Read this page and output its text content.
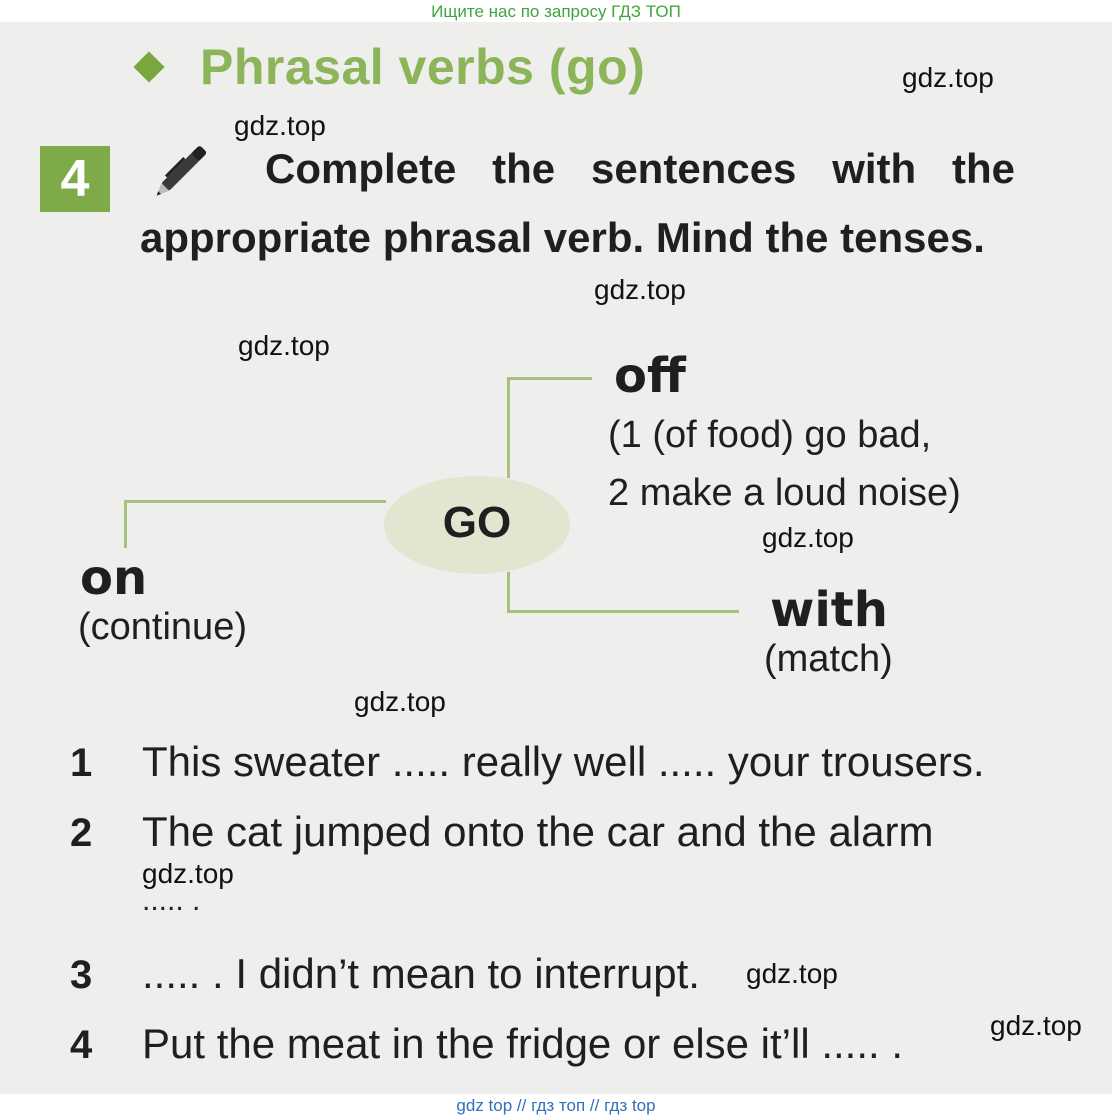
Ищите нас по запросу ГДЗ ТОП
Phrasal verbs (go)
4	Complete the sentences with the
appropriate phrasal verb. Mind the tenses.
GO
off
(1 (of food) go bad,
2 make a loud noise)
on
(continue)	with
(match)
1 This sweater ..... really well ..... your trousers.
2 The cat jumped onto the car and the alarm
..... .
3 ..... . I didn’t mean to interrupt.
4 Put the meat in the fridge or else it’ll ..... .
gdz.top
gdz.top
gdz.top
gdz.top
gdz.top
gdz.top
gdz.top
gdz.top
gdz.top
gdz top // гдз топ // гдз top
